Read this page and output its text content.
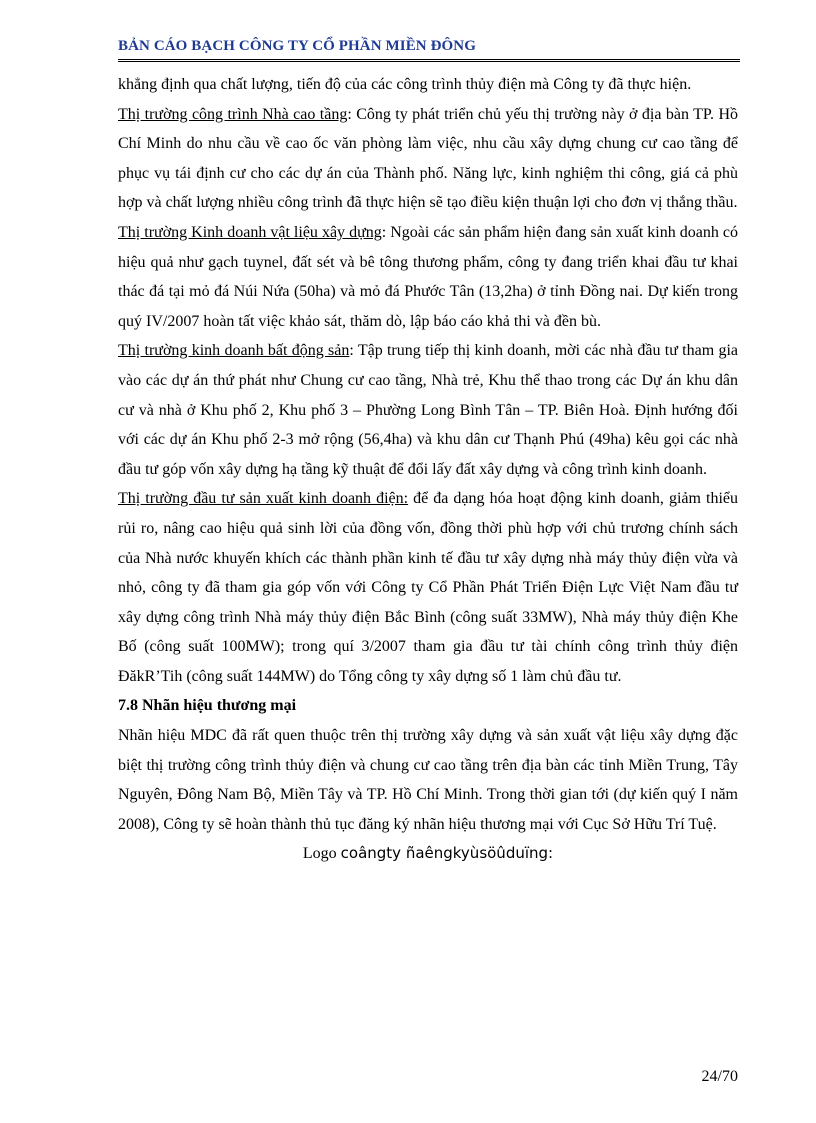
BẢN CÁO BẠCH CÔNG TY CỔ PHẦN MIỀN ĐÔNG

khẳng định qua chất lượng, tiến độ của các công trình thủy điện mà Công ty đã thực hiện.

Thị trường công trình Nhà cao tầng: Công ty phát triển chủ yếu thị trường này ở địa bàn TP. Hồ Chí Minh do nhu cầu về cao ốc văn phòng làm việc, nhu cầu xây dựng chung cư cao tầng để phục vụ tái định cư cho các dự án của Thành phố. Năng lực, kinh nghiệm thi công, giá cả phù hợp và chất lượng nhiều công trình đã thực hiện sẽ tạo điều kiện thuận lợi cho đơn vị thắng thầu.

Thị trường Kinh doanh vật liệu xây dựng: Ngoài các sản phẩm hiện đang sản xuất kinh doanh có hiệu quả như gạch tuynel, đất sét và bê tông thương phẩm, công ty đang triển khai đầu tư khai thác đá tại mỏ đá Núi Nứa (50ha) và mỏ đá Phước Tân (13,2ha) ở tỉnh Đồng nai. Dự kiến trong quý IV/2007 hoàn tất việc khảo sát, thăm dò, lập báo cáo khả thi và đền bù.

Thị trường kinh doanh bất động sản: Tập trung tiếp thị kinh doanh, mời các nhà đầu tư tham gia vào các dự án thứ phát như Chung cư cao tầng, Nhà trẻ, Khu thể thao trong các Dự án khu dân cư và nhà ở Khu phố 2, Khu phố 3 – Phường Long Bình Tân – TP. Biên Hoà. Định hướng đối với các dự án Khu phố 2-3 mở rộng (56,4ha) và khu dân cư Thạnh Phú (49ha) kêu gọi các nhà đầu tư góp vốn xây dựng hạ tầng kỹ thuật để đổi lấy đất xây dựng và công trình kinh doanh.

Thị trường đầu tư sản xuất kinh doanh điện: để đa dạng hóa hoạt động kinh doanh, giảm thiểu rủi ro, nâng cao hiệu quả sinh lời của đồng vốn, đồng thời phù hợp với chủ trương chính sách của Nhà nước khuyến khích các thành phần kinh tế đầu tư xây dựng nhà máy thủy điện vừa và nhỏ, công ty đã tham gia góp vốn với Công ty Cổ Phần Phát Triển Điện Lực Việt Nam đầu tư xây dựng công trình Nhà máy thủy điện Bắc Bình (công suất 33MW), Nhà máy thủy điện Khe Bố (công suất 100MW); trong quí 3/2007 tham gia đầu tư tài chính công trình thủy điện ĐăkR’Tih (công suất 144MW) do Tổng công ty xây dựng số 1 làm chủ đầu tư.

7.8 Nhãn hiệu thương mại

Nhãn hiệu MDC đã rất quen thuộc trên thị trường xây dựng và sản xuất vật liệu xây dựng đặc biệt thị trường công trình thủy điện và chung cư cao tầng trên địa bàn các tỉnh Miền Trung, Tây Nguyên, Đông Nam Bộ, Miền Tây và TP. Hồ Chí Minh. Trong thời gian tới (dự kiến quý I năm 2008), Công ty sẽ hoàn thành thủ tục đăng ký nhãn hiệu thương mại với Cục Sở Hữu Trí Tuệ.

Logo coângty ñaêngkyùsöûduïng:

24/70
